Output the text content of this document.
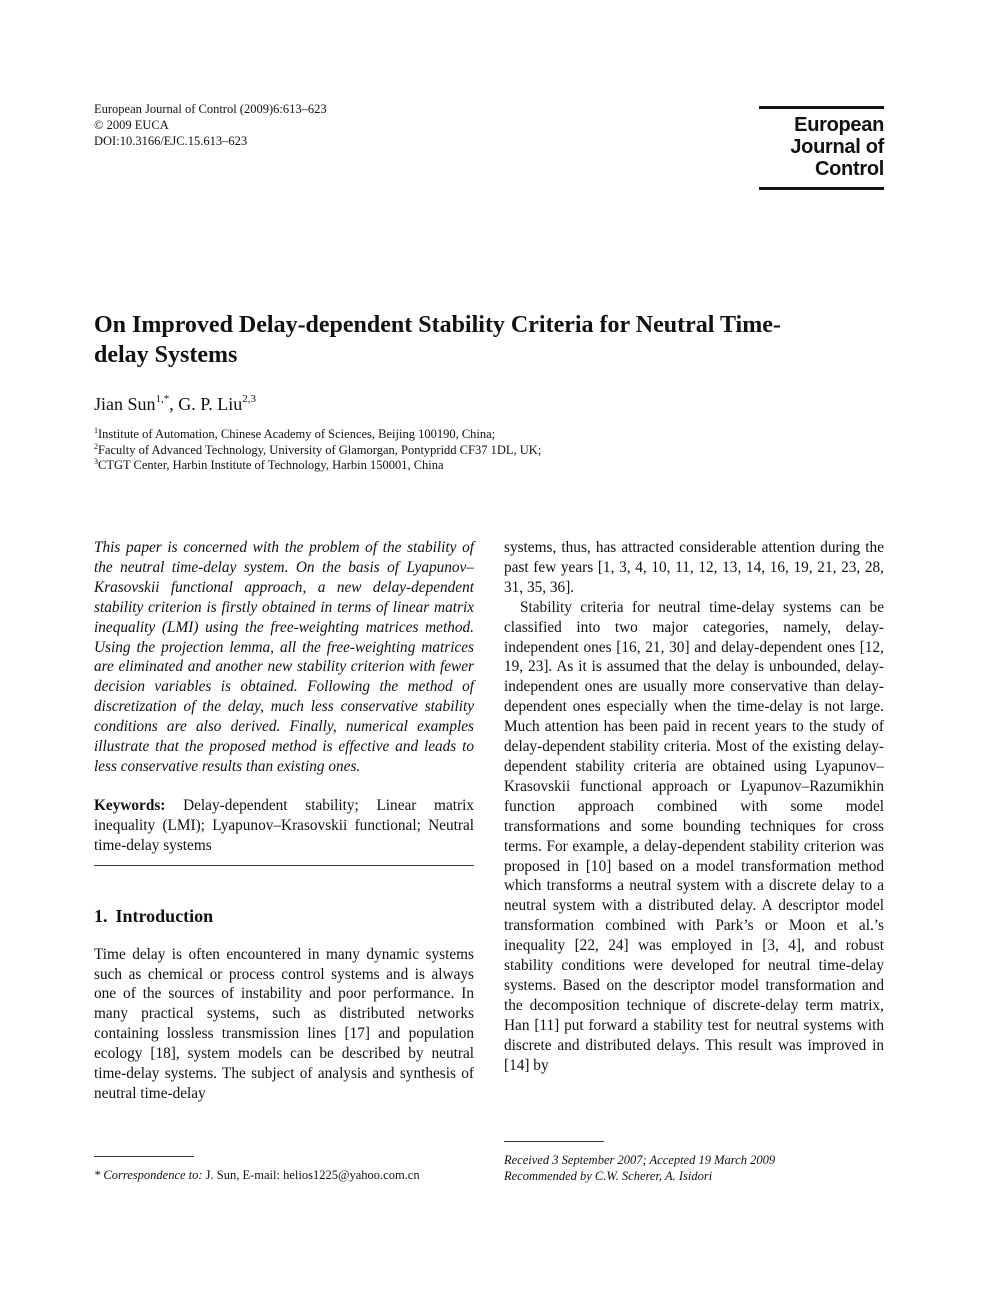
European Journal of Control (2009)6:613–623
© 2009 EUCA
DOI:10.3166/EJC.15.613–623
European
Journal of
Control
On Improved Delay-dependent Stability Criteria for Neutral Time-delay Systems
Jian Sun$^{1,*}$, G. P. Liu$^{2,3}$
$^1$Institute of Automation, Chinese Academy of Sciences, Beijing 100190, China;
$^2$Faculty of Advanced Technology, University of Glamorgan, Pontypridd CF37 1DL, UK;
$^3$CTGT Center, Harbin Institute of Technology, Harbin 150001, China

This paper is concerned with the problem of the stability of the neutral time-delay system. On the basis of Lyapunov–Krasovskii functional approach, a new delay-dependent stability criterion is firstly obtained in terms of linear matrix inequality (LMI) using the free-weighting matrices method. Using the projection lemma, all the free-weighting matrices are eliminated and another new stability criterion with fewer decision variables is obtained. Following the method of discretization of the delay, much less conservative stability conditions are also derived. Finally, numerical examples illustrate that the proposed method is effective and leads to less conservative results than existing ones.

Keywords: Delay-dependent stability; Linear matrix inequality (LMI); Lyapunov–Krasovskii functional; Neutral time-delay systems

1. Introduction

Time delay is often encountered in many dynamic systems such as chemical or process control systems and is always one of the sources of instability and poor performance. In many practical systems, such as distributed networks containing lossless transmission lines [17] and population ecology [18], system models can be described by neutral time-delay systems. The subject of analysis and synthesis of neutral time-delay

systems, thus, has attracted considerable attention during the past few years [1, 3, 4, 10, 11, 12, 13, 14, 16, 19, 21, 23, 28, 31, 35, 36].

Stability criteria for neutral time-delay systems can be classified into two major categories, namely, delay-independent ones [16, 21, 30] and delay-dependent ones [12, 19, 23]. As it is assumed that the delay is unbounded, delay-independent ones are usually more conservative than delay-dependent ones especially when the time-delay is not large. Much attention has been paid in recent years to the study of delay-dependent stability criteria. Most of the existing delay-dependent stability criteria are obtained using Lyapunov–Krasovskii functional approach or Lyapunov–Razumikhin function approach combined with some model transformations and some bounding techniques for cross terms. For example, a delay-dependent stability criterion was proposed in [10] based on a model transformation method which transforms a neutral system with a discrete delay to a neutral system with a distributed delay. A descriptor model transformation combined with Park’s or Moon et al.’s inequality [22, 24] was employed in [3, 4], and robust stability conditions were developed for neutral time-delay systems. Based on the descriptor model transformation and the decomposition technique of discrete-delay term matrix, Han [11] put forward a stability test for neutral systems with discrete and distributed delays. This result was improved in [14] by

* Correspondence to: J. Sun, E-mail: helios1225@yahoo.com.cn
Received 3 September 2007; Accepted 19 March 2009
Recommended by C.W. Scherer, A. Isidori
